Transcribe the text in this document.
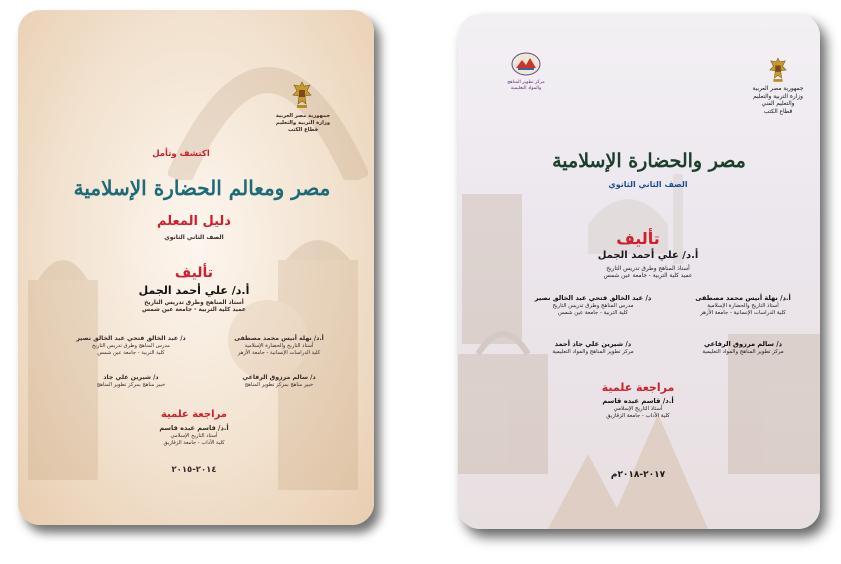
جمهورية مصر العربية
وزارة التربية والتعليم
قطاع الكتب
اكتشف وتأمل
مصر ومعالم الحضارة الإسلامية
دليل المعلم
الصف الثاني الثانوي
تأليف
أ.د/ علي أحمد الجمل
أستاذ المناهج وطرق تدريس التاريخ
عميد كلية التربية - جامعة عين شمس
د/ عبد الخالق فتحي عبد الخالق نصير
مدرس المناهج وطرق تدريس التاريخ
كلية التربية - جامعة عين شمس
أ.د/ نهلة أنيس محمد مصطفى
أستاذ التاريخ والحضارة الإسلامية
كلية الدراسات الإنسانية - جامعة الأزهر
د/ شيرين علي جاد
خبير مناهج بمركز تطوير المناهج
د/ سالم مرزوق الرفاعي
خبير مناهج بمركز تطوير المناهج
مراجعة علمية
أ.د/ قاسم عبده قاسم
أستاذ التاريخ الإسلامي
كلية الآداب - جامعة الزقازيق
٢٠١٤-٢٠١٥
مركز تطوير المناهج
والمواد التعليمية	جمهورية مصر العربية
وزارة التربية والتعليم
والتعليم الفني
قطاع الكتب
مصر والحضارة الإسلامية
الصف الثاني الثانوي
تأليف
أ.د/ علي أحمد الجمل
أستاذ المناهج وطرق تدريس التاريخ
عميد كلية التربية - جامعة عين شمس
د/ عبد الخالق فتحي عبد الخالق نصير
مدرس المناهج وطرق تدريس التاريخ
كلية التربية - جامعة عين شمس
أ.د/ نهلة أنيس محمد مصطفى
أستاذ التاريخ والحضارة الإسلامية
كلية الدراسات الإنسانية - جامعة الأزهر
د/ شيرين علي جاد أحمد
مركز تطوير المناهج والمواد التعليمية
د/ سالم مرزوق الرفاعي
مركز تطوير المناهج والمواد التعليمية
مراجعة علمية
أ.د/ قاسم عبده قاسم
أستاذ التاريخ الإسلامي
كلية الآداب - جامعة الزقازيق
٢٠١٧-٢٠١٨م
